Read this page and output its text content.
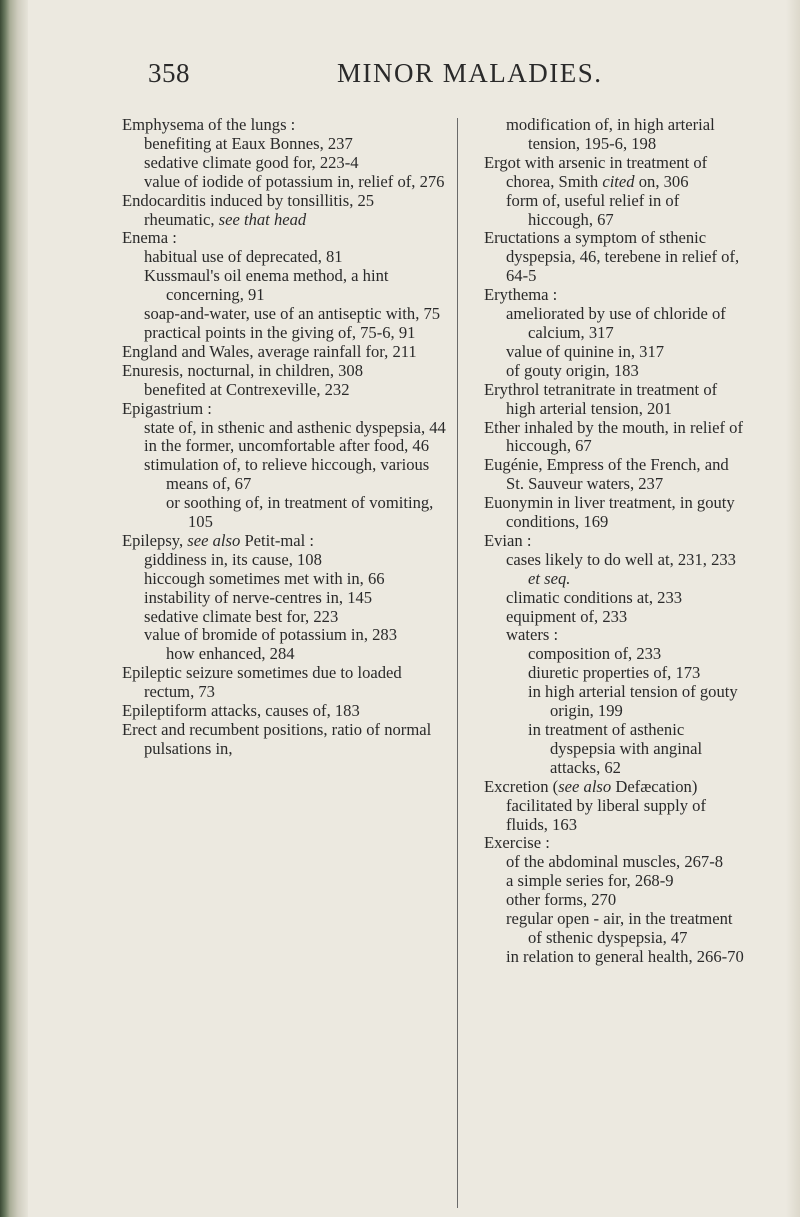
358	MINOR MALADIES.

Emphysema of the lungs :

benefiting at Eaux Bonnes, 237

sedative climate good for, 223-4

value of iodide of potassium in, relief of, 276

Endocarditis induced by tonsillitis, 25

rheumatic, see that head

Enema :

habitual use of deprecated, 81

Kussmaul's oil enema method, a hint concerning, 91

soap-and-water, use of an antiseptic with, 75

practical points in the giving of, 75-6, 91

England and Wales, average rainfall for, 211

Enuresis, nocturnal, in children, 308

benefited at Contrexeville, 232

Epigastrium :

state of, in sthenic and asthenic dyspepsia, 44

in the former, uncomfortable after food, 46

stimulation of, to relieve hiccough, various means of, 67

or soothing of, in treatment of vomiting, 105

Epilepsy, see also Petit-mal :

giddiness in, its cause, 108

hiccough sometimes met with in, 66

instability of nerve-centres in, 145

sedative climate best for, 223

value of bromide of potassium in, 283

how enhanced, 284

Epileptic seizure sometimes due to loaded rectum, 73

Epileptiform attacks, causes of, 183

Erect and recumbent positions, ratio of normal pulsations in,

modification of, in high arterial tension, 195-6, 198

Ergot with arsenic in treatment of chorea, Smith cited on, 306

form of, useful relief in of hiccough, 67

Eructations a symptom of sthenic dyspepsia, 46, terebene in relief of, 64-5

Erythema :

ameliorated by use of chloride of calcium, 317

value of quinine in, 317

of gouty origin, 183

Erythrol tetranitrate in treatment of high arterial tension, 201

Ether inhaled by the mouth, in relief of hiccough, 67

Eugénie, Empress of the French, and St. Sauveur waters, 237

Euonymin in liver treatment, in gouty conditions, 169

Evian :

cases likely to do well at, 231, 233 et seq.

climatic conditions at, 233

equipment of, 233

waters :

composition of, 233

diuretic properties of, 173

in high arterial tension of gouty origin, 199

in treatment of asthenic dyspepsia with anginal attacks, 62

Excretion (see also Defæcation) facilitated by liberal supply of fluids, 163

Exercise :

of the abdominal muscles, 267-8

a simple series for, 268-9

other forms, 270

regular open - air, in the treatment of sthenic dyspepsia, 47

in relation to general health, 266-70
